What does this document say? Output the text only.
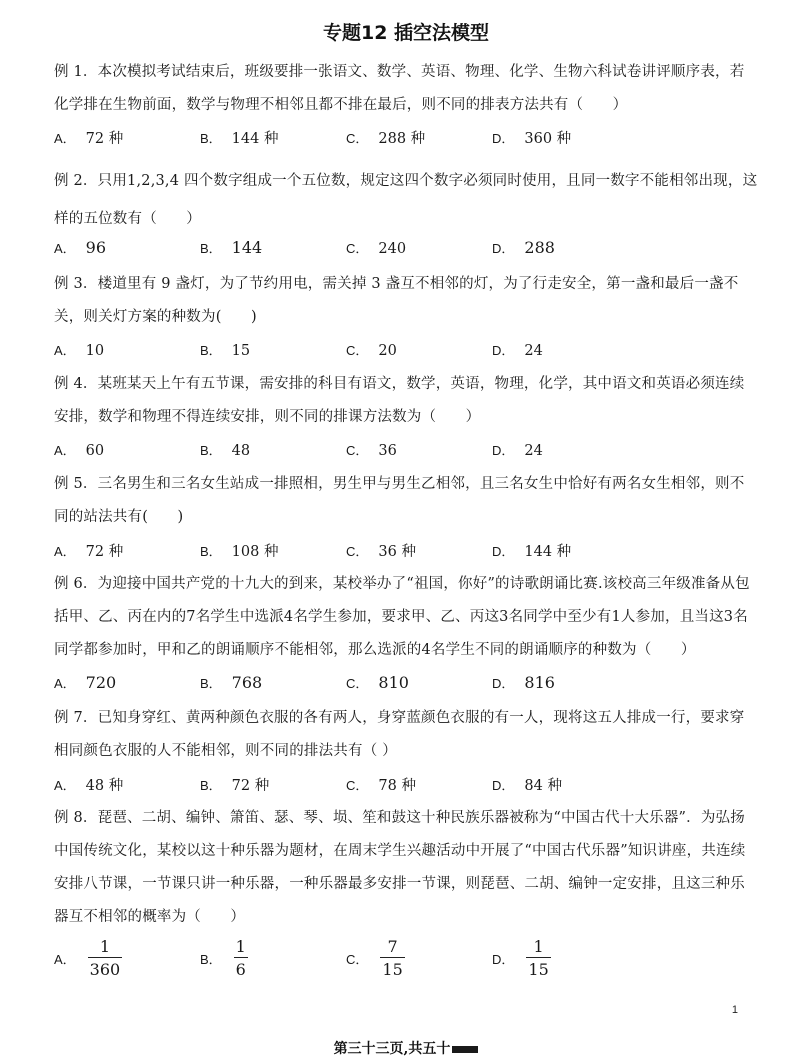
专题12 插空法模型
例 1．本次模拟考试结束后，班级要排一张语文、数学、英语、物理、化学、生物六科试卷讲评顺序表，若化学排在生物前面，数学与物理不相邻且都不排在最后，则不同的排表方法共有（　　）
A． 72 种	B． 144 种	C． 288 种	D． 360 种
例 2．只用1,2,3,4 四个数字组成一个五位数，规定这四个数字必须同时使用，且同一数字不能相邻出现，这样的五位数有（　　）
A． 96	B． 144	C． 240	D． 288
例 3．楼道里有 9 盏灯，为了节约用电，需关掉 3 盏互不相邻的灯，为了行走安全，第一盏和最后一盏不关，则关灯方案的种数为(　　)
A． 10	B． 15	C． 20	D． 24
例 4．某班某天上午有五节课，需安排的科目有语文，数学，英语，物理，化学，其中语文和英语必须连续安排，数学和物理不得连续安排，则不同的排课方法数为（　　）
A． 60	B． 48	C． 36	D． 24
例 5．三名男生和三名女生站成一排照相，男生甲与男生乙相邻，且三名女生中恰好有两名女生相邻，则不同的站法共有(　　)
A． 72 种	B． 108 种	C． 36 种	D． 144 种
例 6．为迎接中国共产党的十九大的到来，某校举办了“祖国，你好”的诗歌朗诵比赛.该校高三年级准备从包括甲、乙、丙在内的7名学生中选派4名学生参加，要求甲、乙、丙这3名同学中至少有1人参加，且当这3名同学都参加时，甲和乙的朗诵顺序不能相邻，那么选派的4名学生不同的朗诵顺序的种数为（　　）
A． 720	B． 768	C． 810	D． 816
例 7．已知身穿红、黄两种颜色衣服的各有两人，身穿蓝颜色衣服的有一人，现将这五人排成一行，要求穿相同颜色衣服的人不能相邻，则不同的排法共有（ ）
A． 48 种	B． 72 种	C． 78 种	D． 84 种
例 8．琵琶、二胡、编钟、箫笛、瑟、琴、埙、笙和鼓这十种民族乐器被称为“中国古代十大乐器”．为弘扬中国传统文化，某校以这十种乐器为题材，在周末学生兴趣活动中开展了“中国古代乐器”知识讲座，共连续安排八节课，一节课只讲一种乐器，一种乐器最多安排一节课，则琵琶、二胡、编钟一定安排，且这三种乐器互不相邻的概率为（　　）
A． $\frac{1}{360}$	B． $\frac{1}{6}$	C． $\frac{7}{15}$	D． $\frac{1}{15}$
1
第三十三页,共五十
